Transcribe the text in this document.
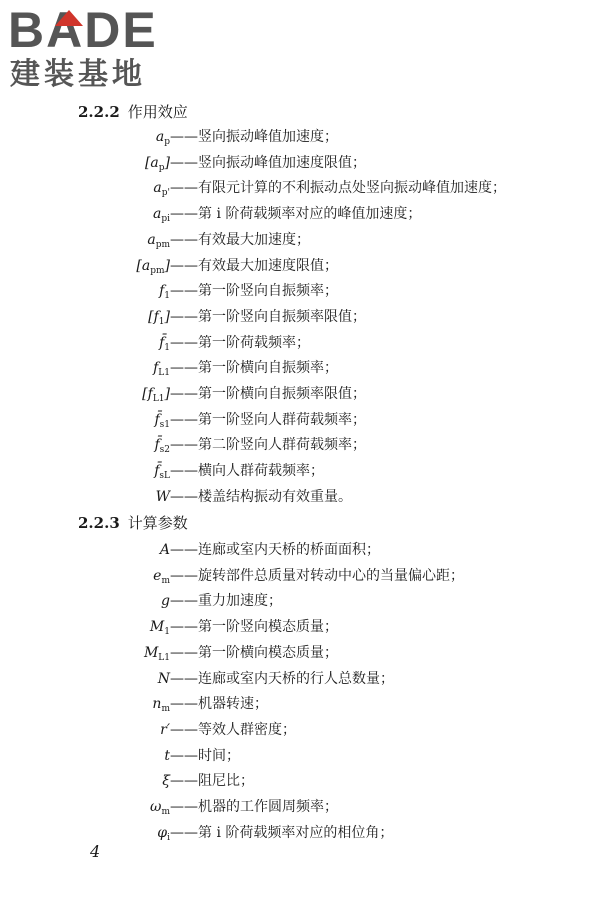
BADE
建装基地
2.2.2 作用效应
$a_p$ ——竖向振动峰值加速度；
$[a_p]$ ——竖向振动峰值加速度限值；
$a_{p'}$ ——有限元计算的不利振动点处竖向振动峰值加速度；
$a_{pi}$ ——第 i 阶荷载频率对应的峰值加速度；
$a_{pm}$ ——有效最大加速度；
$[a_{pm}]$ ——有效最大加速度限值；
$f_1$ ——第一阶竖向自振频率；
$[f_1]$ ——第一阶竖向自振频率限值；
$f̄_1$ ——第一阶荷载频率；
$f_{L1}$ ——第一阶横向自振频率；
$[f_{L1}]$ ——第一阶横向自振频率限值；
$f̄_{s1}$ ——第一阶竖向人群荷载频率；
$f̄_{s2}$ ——第二阶竖向人群荷载频率；
$f̄_{sL}$ ——横向人群荷载频率；
W ——楼盖结构振动有效重量。
2.2.3 计算参数
A ——连廊或室内天桥的桥面面积；
$e_m$ ——旋转部件总质量对转动中心的当量偏心距；
g ——重力加速度；
$M_1$ ——第一阶竖向模态质量；
$M_{L1}$ ——第一阶横向模态质量；
N ——连廊或室内天桥的行人总数量；
$n_m$ ——机器转速；
r′ ——等效人群密度；
t ——时间；
ξ ——阻尼比；
$\omega_m$ ——机器的工作圆周频率；
$\varphi_i$ ——第 i 阶荷载频率对应的相位角；
4
